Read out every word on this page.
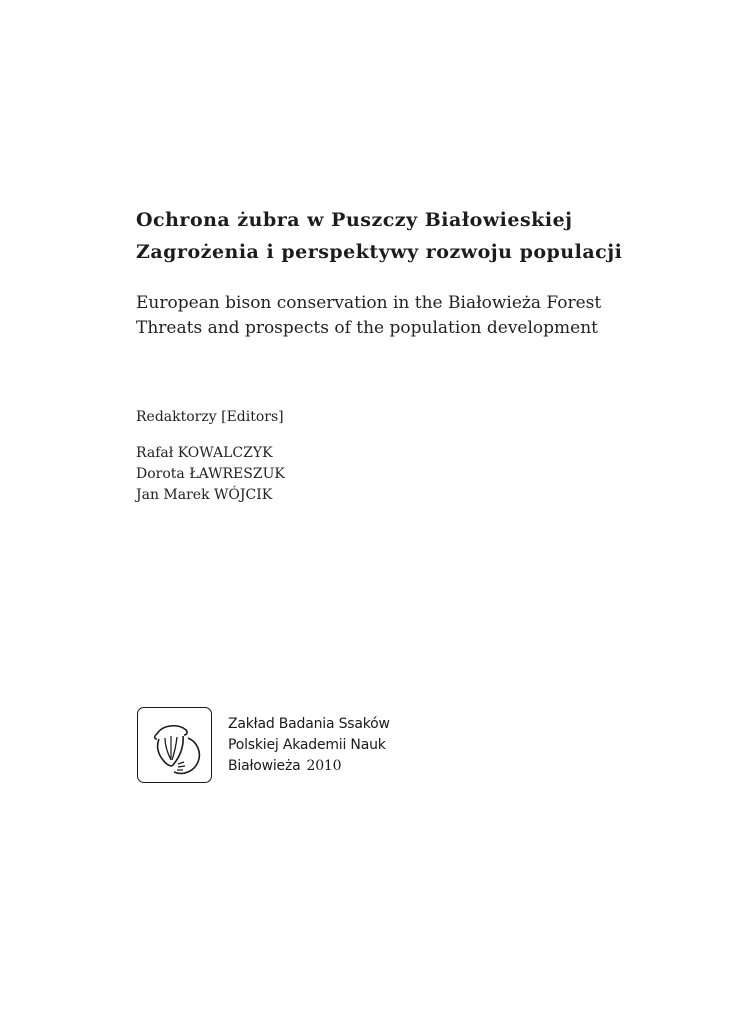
Ochrona żubra w Puszczy Białowieskiej
Zagrożenia i perspektywy rozwoju populacji
European bison conservation in the Białowieża Forest
Threats and prospects of the population development
Redaktorzy [Editors]
Rafał KOWALCZYK
Dorota ŁAWRESZUK
Jan Marek WÓJCIK
Zakład Badania Ssaków
Polskiej Akademii Nauk
Białowieża 2010
